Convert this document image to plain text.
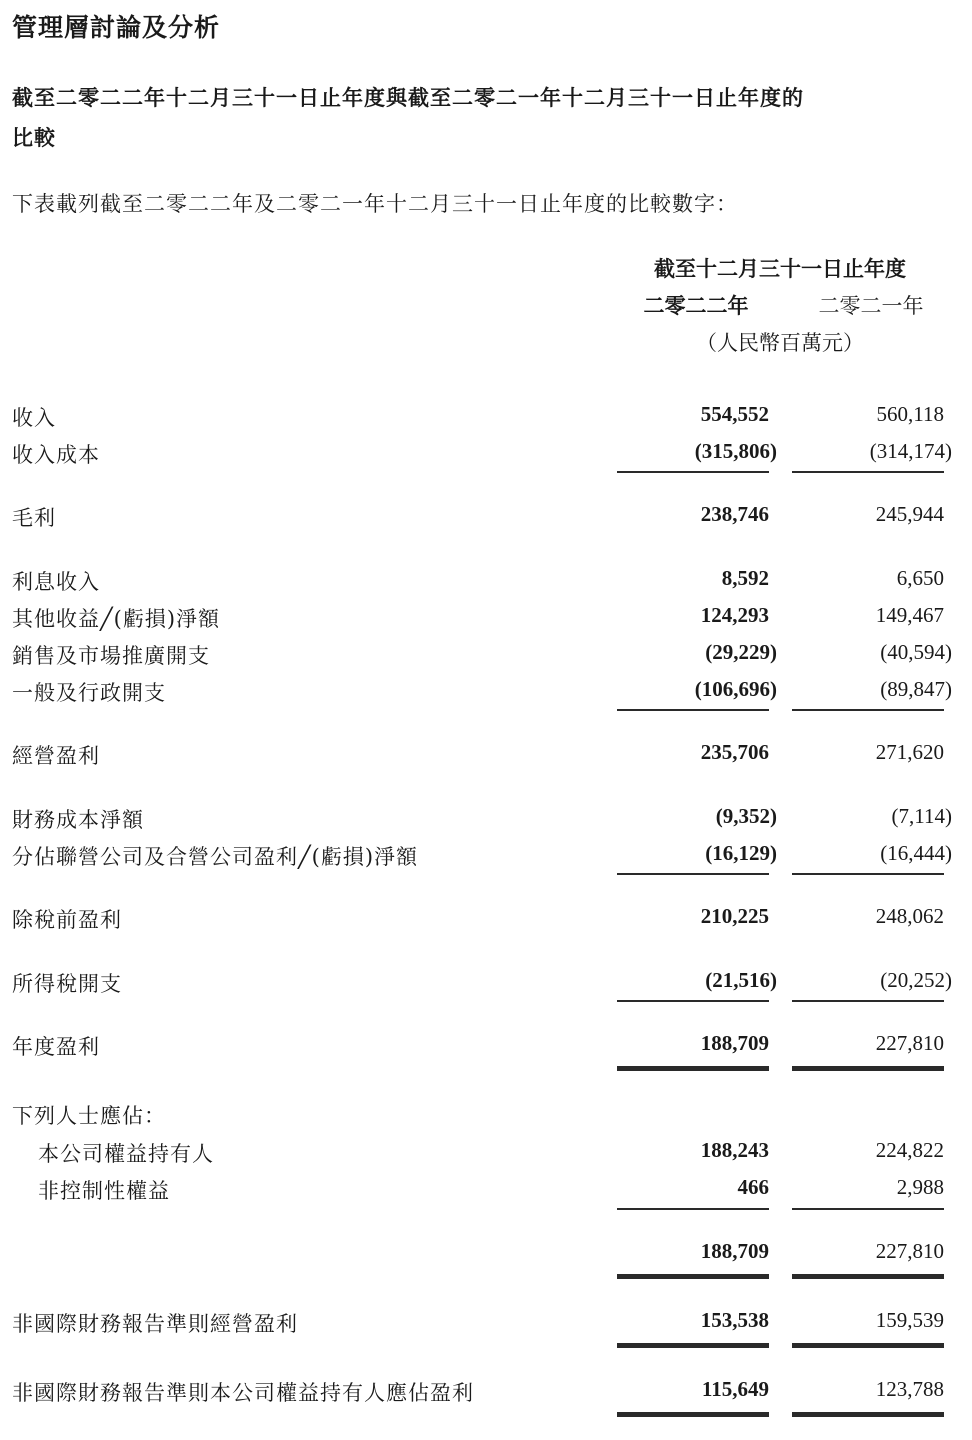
管理層討論及分析
截至二零二二年十二月三十一日止年度與截至二零二一年十二月三十一日止年度的
比較
下表載列截至二零二二年及二零二一年十二月三十一日止年度的比較數字：
截至十二月三十一日止年度
二零二二年	二零二一年
（人民幣百萬元）
收入	554,552	560,118
收入成本	(315,806)	(314,174)
毛利	238,746	245,944
利息收入	8,592	6,650
其他收益╱(虧損)淨額	124,293	149,467
銷售及市場推廣開支	(29,229)	(40,594)
一般及行政開支	(106,696)	(89,847)
經營盈利	235,706	271,620
財務成本淨額	(9,352)	(7,114)
分佔聯營公司及合營公司盈利╱(虧損)淨額	(16,129)	(16,444)
除稅前盈利	210,225	248,062
所得稅開支	(21,516)	(20,252)
年度盈利	188,709	227,810
下列人士應佔：
本公司權益持有人	188,243	224,822
非控制性權益	466	2,988
188,709	227,810
非國際財務報告準則經營盈利	153,538	159,539
非國際財務報告準則本公司權益持有人應佔盈利	115,649	123,788
